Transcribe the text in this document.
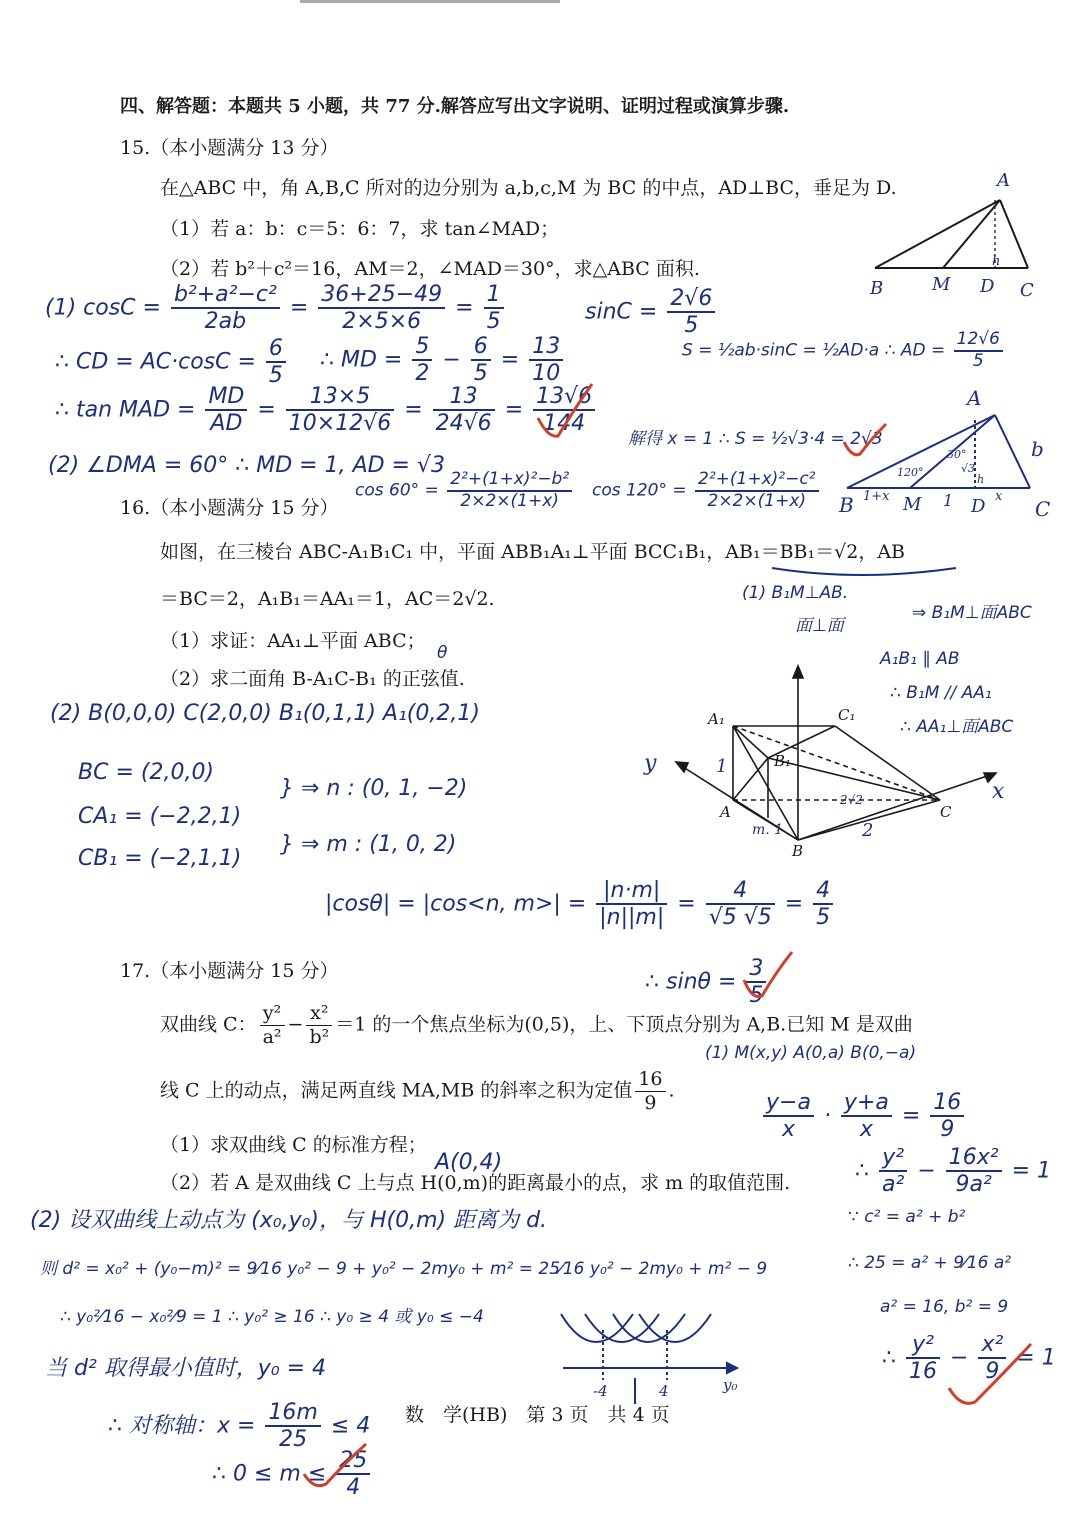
四、解答题：本题共 5 小题，共 77 分.解答应写出文字说明、证明过程或演算步骤.
15.（本小题满分 13 分）
在△ABC 中，角 A,B,C 所对的边分别为 a,b,c,M 为 BC 的中点，AD⊥BC，垂足为 D.
（1）若 a：b：c＝5：6：7，求 tan∠MAD；
（2）若 b²＋c²＝16，AM＝2，∠MAD＝30°，求△ABC 面积.
A
B	M D C
h
(1) $\cos C = \frac{\text{b²+a²−c²}}{2ab} = \frac{36+25-49}{2\times 5\times 6} = \frac{1}{5}$	$\sin C = \frac{2√6}{5}$
∴ CD = $AC\cdot\cos C = \frac{6}{5}$ ∴ MD = $\frac{5}{2} - \frac{6}{5} = \frac{13}{10}$	S = ½ab·sinC = ½AD·a ∴ AD = $\frac{12√6}{5}$
∴ tan MAD = $\frac{MD}{AD} = \frac{13\times 5}{10\times 12√6} = \frac{13}{24√6} = \frac{13√6}{144}$
解得 x = 1 ∴ S = ½√3·4 = 2√3
(2) ∠DMA = 60° ∴ MD = 1, AD = √3
$\cos 60^\circ = \frac{\text{2²+(1+x)²−b²}}{2\times 2\times(1+x)}$ $\cos 120^\circ = \frac{\text{2²+(1+x)²−c²}}{2\times 2\times(1+x)}$
A
b
B 1+x M 1 D x
C
120°
30°
√3
h
16.（本小题满分 15 分）
如图，在三棱台 ABC-A₁B₁C₁ 中，平面 ABB₁A₁⊥平面 BCC₁B₁，AB₁＝BB₁＝√2，AB
＝BC＝2，A₁B₁＝AA₁＝1，AC＝2√2.
（1）求证：AA₁⊥平面 ABC；
（2）求二面角 B-A₁C-B₁ 的正弦值.
θ
(1) B₁M⊥AB.
面⊥面
⇒ B₁M⊥面ABC
A₁B₁ ∥ AB
∴ B₁M // AA₁
∴ AA₁⊥面ABC
(2) B(0,0,0) C(2,0,0) B₁(0,1,1) A₁(0,2,1)
BC = (2,0,0)
CA₁ = (−2,2,1)
CB₁ = (−2,1,1)
} ⇒ n : (0, 1, −2)
} ⇒ m : (1, 0, 2)
|cosθ| = |cos<n, $m>| = \frac{|n\cdot m|}{|n||m|} = \frac{4}{√5 √5} = \frac{4}{5}$
∴ $\sin\theta = \frac{3}{5}$
A₁	C₁
B₁
A
B
C
y
x
1
m. 1	2
2√2
17.（本小题满分 15 分）
双曲线 C： $\frac{\text{y²}}{\text{a²}} - \frac{\text{x²}}{\text{b²}} =1$ 的一个焦点坐标为(0,5)，上、下顶点分别为 A,B.已知 M 是双曲
线 C 上的动点，满足两直线 MA,MB 的斜率之积为定值 $\frac{16}{9}$ .
（1）求双曲线 C 的标准方程；
（2）若 A 是双曲线 C 上与点 H(0,m)的距离最小的点，求 m 的取值范围.
(1) M(x,y) A(0,a) B(0,−a)
$\frac{y-a}{x} \cdot \frac{y+a}{x} = \frac{16}{9}$
∴ $\frac{\text{y²}}{\text{a²}} - \frac{\text{16x²}}{\text{9a²}} = 1$
A(0,4)
∵ c² = a² + b²
∴ 25 = a² + 9⁄16 a²
a² = 16, b² = 9
∴ $\frac{\text{y²}}{16} - \frac{\text{x²}}{9} = 1$
(2) 设双曲线上动点为 (x₀,y₀)，与 H(0,m) 距离为 d.
则 d² = x₀² + (y₀−m)² = 9⁄16 y₀² − 9 + y₀² − 2my₀ + m² = 25⁄16 y₀² − 2my₀ + m² − 9
∴ y₀²⁄16 − x₀²⁄9 = 1 ∴ y₀² ≥ 16 ∴ y₀ ≥ 4 或 y₀ ≤ −4
当 d² 取得最小值时，y₀ = 4
∴ 对称轴：$x = \frac{16m}{25} \le 4$
∴ $0 \le m \le \frac{25}{4}$
y₀
-4	4
数　学(HB)　第 3 页　共 4 页
